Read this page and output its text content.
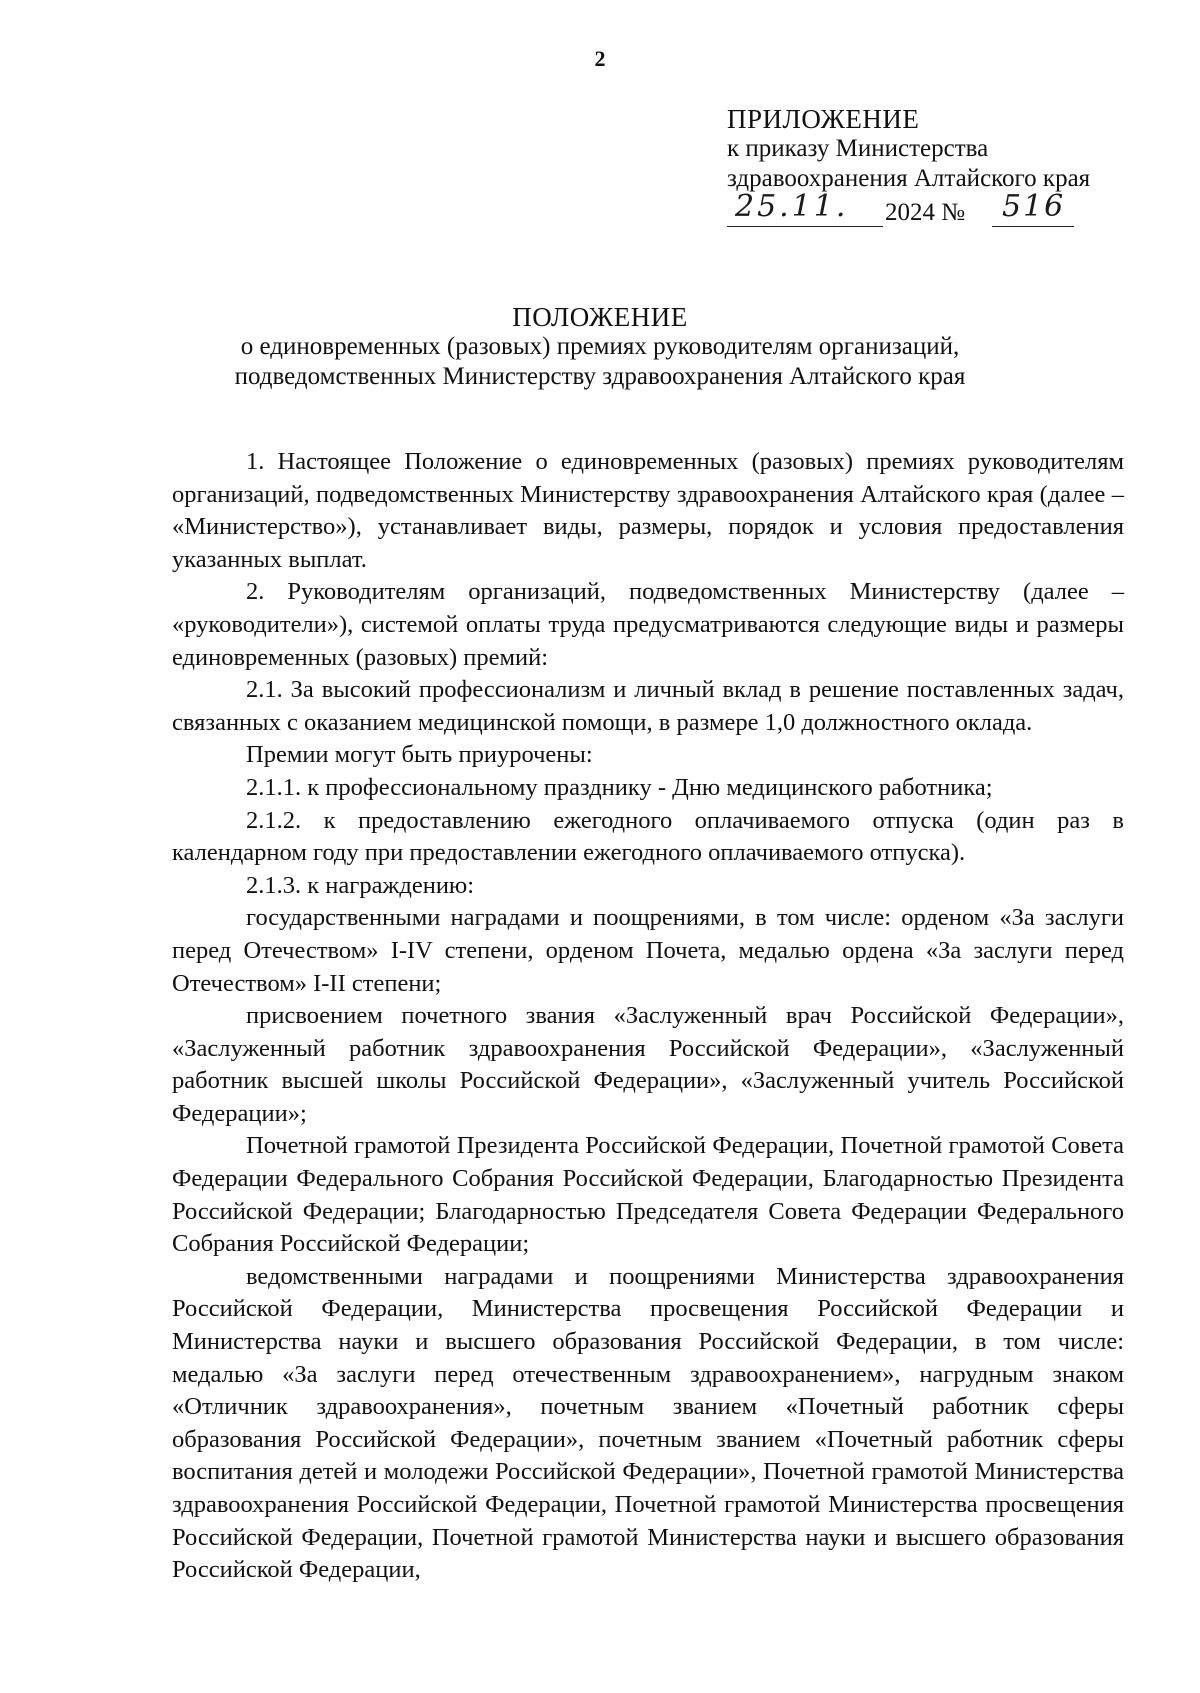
2
ПРИЛОЖЕНИЕ
к приказу Министерства
здравоохранения Алтайского края
25.11. 2024 № 516
ПОЛОЖЕНИЕ
о единовременных (разовых) премиях руководителям организаций,
подведомственных Министерству здравоохранения Алтайского края

1. Настоящее Положение о единовременных (разовых) премиях руководителям организаций, подведомственных Министерству здравоохранения Алтайского края (далее – «Министерство»), устанавливает виды, размеры, порядок и условия предоставления указанных выплат.

2. Руководителям организаций, подведомственных Министерству (далее – «руководители»), системой оплаты труда предусматриваются следующие виды и размеры единовременных (разовых) премий:

2.1. За высокий профессионализм и личный вклад в решение поставленных задач, связанных с оказанием медицинской помощи, в размере 1,0 должностного оклада.

Премии могут быть приурочены:

2.1.1. к профессиональному празднику - Дню медицинского работника;

2.1.2. к предоставлению ежегодного оплачиваемого отпуска (один раз в календарном году при предоставлении ежегодного оплачиваемого отпуска).

2.1.3. к награждению:

государственными наградами и поощрениями, в том числе: орденом «За заслуги перед Отечеством» I-IV степени, орденом Почета, медалью ордена «За заслуги перед Отечеством» I-II степени;

присвоением почетного звания «Заслуженный врач Российской Федерации», «Заслуженный работник здравоохранения Российской Федерации», «Заслуженный работник высшей школы Российской Федерации», «Заслуженный учитель Российской Федерации»;

Почетной грамотой Президента Российской Федерации, Почетной грамотой Совета Федерации Федерального Собрания Российской Федерации, Благодарностью Президента Российской Федерации; Благодарностью Председателя Совета Федерации Федерального Собрания Российской Федерации;

ведомственными наградами и поощрениями Министерства здравоохранения Российской Федерации, Министерства просвещения Российской Федерации и Министерства науки и высшего образования Российской Федерации, в том числе: медалью «За заслуги перед отечественным здравоохранением», нагрудным знаком «Отличник здравоохранения», почетным званием «Почетный работник сферы образования Российской Федерации», почетным званием «Почетный работник сферы воспитания детей и молодежи Российской Федерации», Почетной грамотой Министерства здравоохранения Российской Федерации, Почетной грамотой Министерства просвещения Российской Федерации, Почетной грамотой Министерства науки и высшего образования Российской Федерации,
